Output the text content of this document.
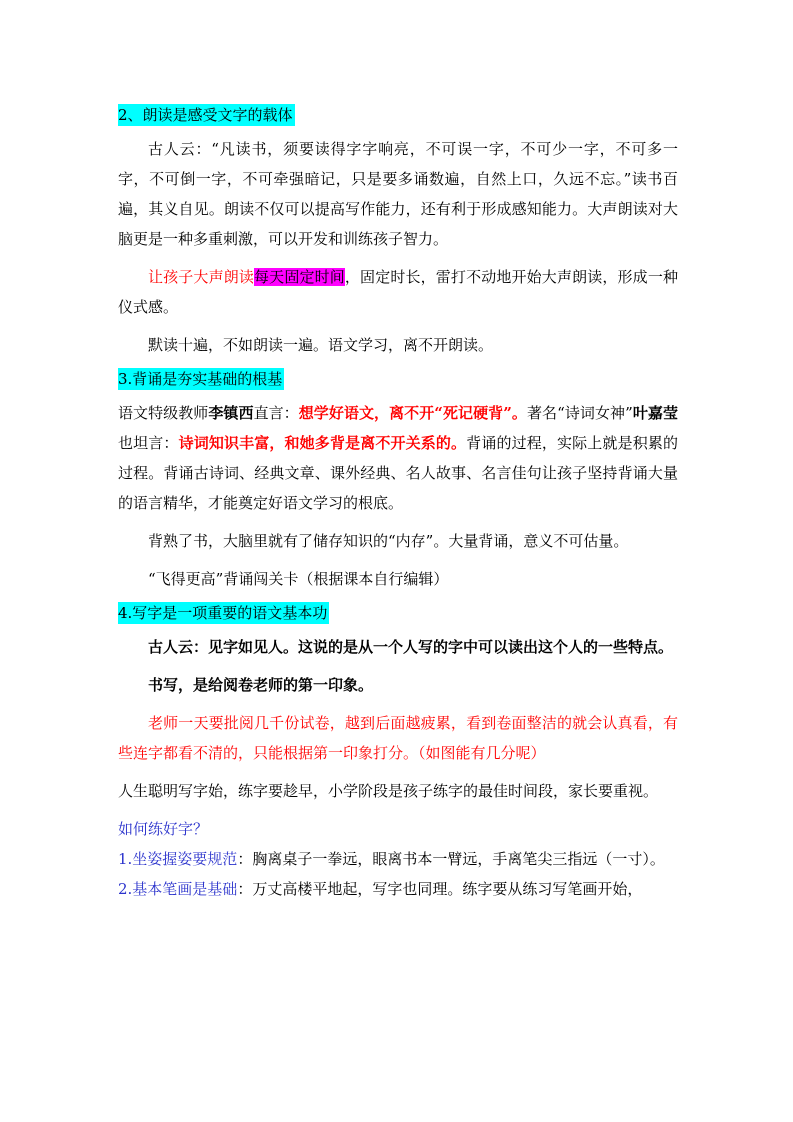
2、朗读是感受文字的载体

古人云：“凡读书，须要读得字字响亮，不可误一字，不可少一字，不可多一字，不可倒一字，不可牵强暗记，只是要多诵数遍，自然上口，久远不忘。”读书百遍，其义自见。朗读不仅可以提高写作能力，还有利于形成感知能力。大声朗读对大脑更是一种多重刺激，可以开发和训练孩子智力。

让孩子大声朗读每天固定时间，固定时长，雷打不动地开始大声朗读，形成一种仪式感。

默读十遍，不如朗读一遍。语文学习，离不开朗读。

3.背诵是夯实基础的根基

语文特级教师李镇西直言：想学好语文，离不开“死记硬背”。著名“诗词女神”叶嘉莹也坦言：诗词知识丰富，和她多背是离不开关系的。背诵的过程，实际上就是积累的过程。背诵古诗词、经典文章、课外经典、名人故事、名言佳句让孩子坚持背诵大量的语言精华，才能奠定好语文学习的根底。

背熟了书，大脑里就有了储存知识的“内存”。大量背诵，意义不可估量。

“飞得更高”背诵闯关卡（根据课本自行编辑）

4.写字是一项重要的语文基本功

古人云：见字如见人。这说的是从一个人写的字中可以读出这个人的一些特点。

书写，是给阅卷老师的第一印象。

老师一天要批阅几千份试卷，越到后面越疲累，看到卷面整洁的就会认真看，有些连字都看不清的，只能根据第一印象打分。（如图能有几分呢）

人生聪明写字始，练字要趁早，小学阶段是孩子练字的最佳时间段，家长要重视。

如何练好字？

1.坐姿握姿要规范：胸离桌子一拳远，眼离书本一臂远，手离笔尖三指远（一寸）。

2.基本笔画是基础：万丈高楼平地起，写字也同理。练字要从练习写笔画开始，
